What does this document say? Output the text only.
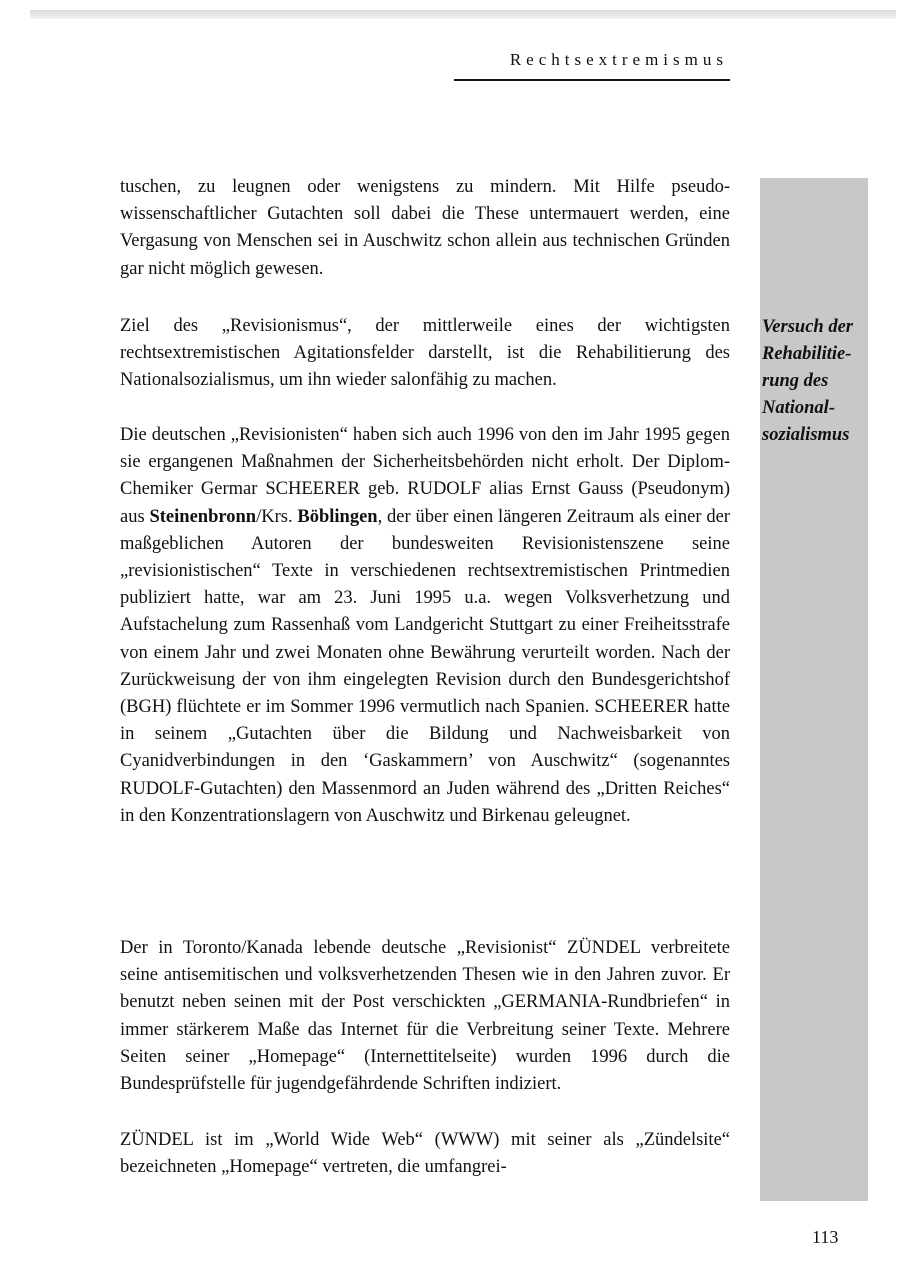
Rechtsextremismus
Versuch der
Rehabilitie-
rung des
National-
sozialismus

tuschen, zu leugnen oder wenigstens zu mindern. Mit Hilfe pseudo-wissenschaftlicher Gutachten soll dabei die These untermauert werden, eine Vergasung von Menschen sei in Auschwitz schon allein aus technischen Gründen gar nicht möglich gewesen.

Ziel des „Revisionismus“, der mittlerweile eines der wichtigsten rechtsextremistischen Agitationsfelder darstellt, ist die Rehabilitierung des Nationalsozialismus, um ihn wieder salonfähig zu machen.

Die deutschen „Revisionisten“ haben sich auch 1996 von den im Jahr 1995 gegen sie ergangenen Maßnahmen der Sicherheitsbehörden nicht erholt. Der Diplom-Chemiker Germar SCHEERER geb. RUDOLF alias Ernst Gauss (Pseudonym) aus Steinenbronn/Krs. Böblingen, der über einen längeren Zeitraum als einer der maßgeblichen Autoren der bundesweiten Revisionistenszene seine „revisionistischen“ Texte in verschiedenen rechtsextremistischen Printmedien publiziert hatte, war am 23. Juni 1995 u.a. wegen Volksverhetzung und Aufstachelung zum Rassenhaß vom Landgericht Stuttgart zu einer Freiheitsstrafe von einem Jahr und zwei Monaten ohne Bewährung verurteilt worden. Nach der Zurückweisung der von ihm eingelegten Revision durch den Bundesgerichtshof (BGH) flüchtete er im Sommer 1996 vermutlich nach Spanien. SCHEERER hatte in seinem „Gutachten über die Bildung und Nachweisbarkeit von Cyanidverbindungen in den ‘Gaskammern’ von Auschwitz“ (sogenanntes RUDOLF-Gutachten) den Massenmord an Juden während des „Dritten Reiches“ in den Konzentrationslagern von Auschwitz und Birkenau geleugnet.

Der in Toronto/Kanada lebende deutsche „Revisionist“ ZÜNDEL verbreitete seine antisemitischen und volksverhetzenden Thesen wie in den Jahren zuvor. Er benutzt neben seinen mit der Post verschickten „GERMANIA-Rundbriefen“ in immer stärkerem Maße das Internet für die Verbreitung seiner Texte. Mehrere Seiten seiner „Homepage“ (Internettitelseite) wurden 1996 durch die Bundesprüfstelle für jugendgefährdende Schriften indiziert.

ZÜNDEL ist im „World Wide Web“ (WWW) mit seiner als „Zündelsite“ bezeichneten „Homepage“ vertreten, die umfangrei-

113
